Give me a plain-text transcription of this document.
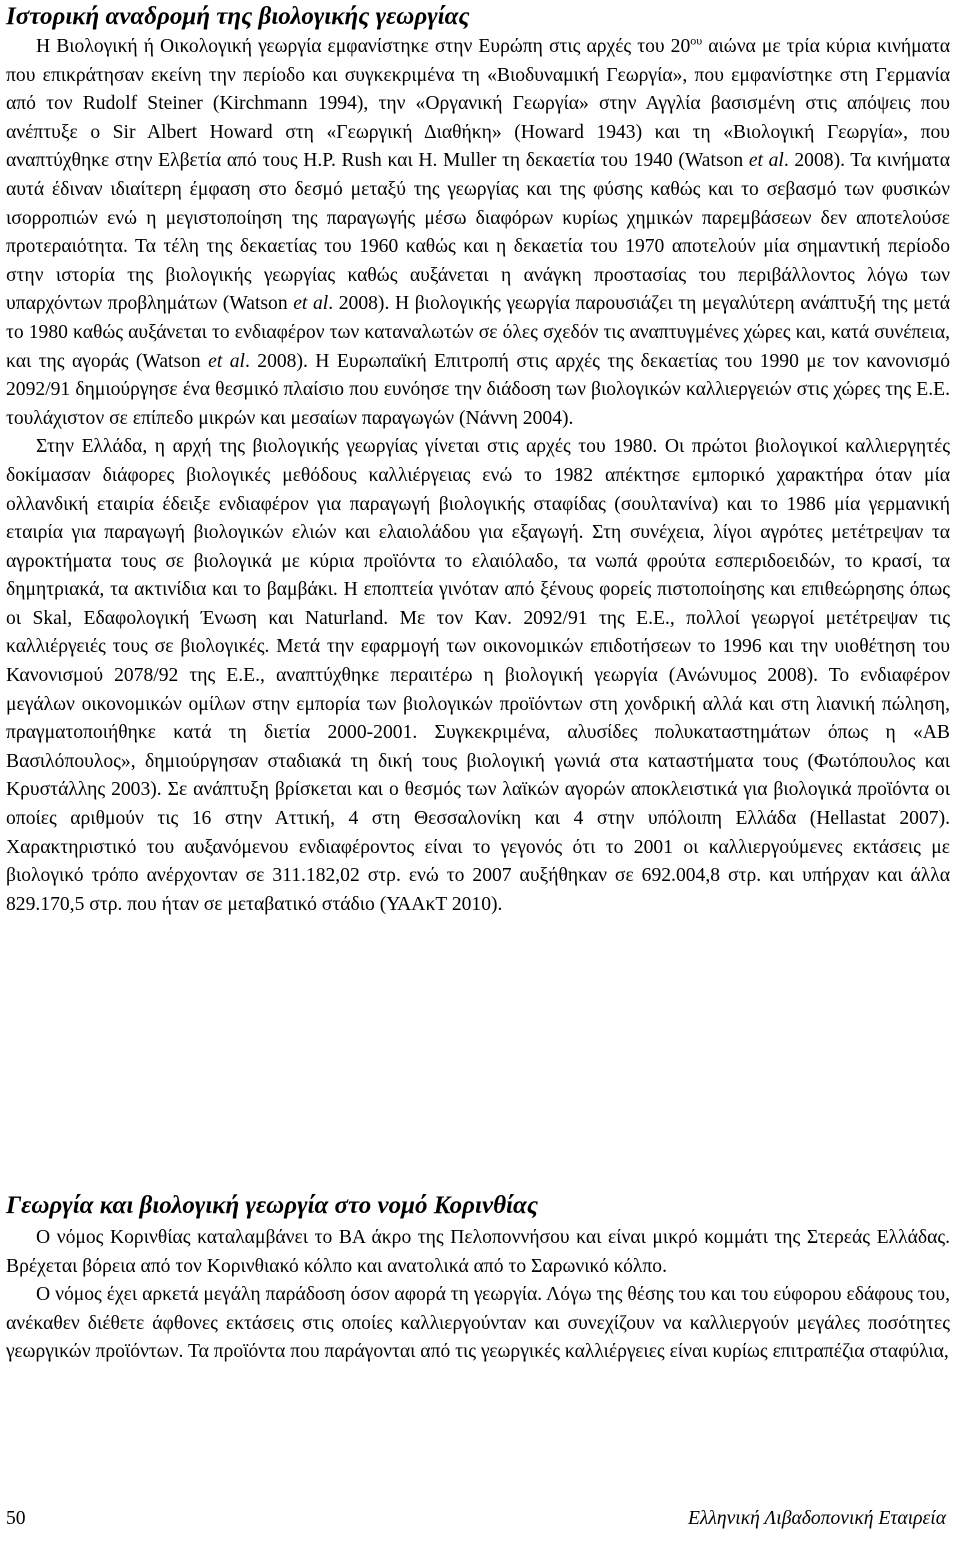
Ιστορική αναδρομή της βιολογικής γεωργίας

Η Βιολογική ή Οικολογική γεωργία εμφανίστηκε στην Ευρώπη στις αρχές του $20^{o\upsilon}$ αιώνα με τρία κύρια κινήματα που επικράτησαν εκείνη την περίοδο και συγκεκριμένα τη «Βιοδυναμική Γεωργία», που εμφανίστηκε στη Γερμανία από τον Rudolf Steiner (Kirchmann 1994), την «Οργανική Γεωργία» στην Αγγλία βασισμένη στις απόψεις που ανέπτυξε ο Sir Albert Howard στη «Γεωργική Διαθήκη» (Howard 1943) και τη «Βιολογική Γεωργία», που αναπτύχθηκε στην Ελβετία από τους H.P. Rush και H. Muller τη δεκαετία του 1940 (Watson et al. 2008). Τα κινήματα αυτά έδιναν ιδιαίτερη έμφαση στο δεσμό μεταξύ της γεωργίας και της φύσης καθώς και το σεβασμό των φυσικών ισορροπιών ενώ η μεγιστοποίηση της παραγωγής μέσω διαφόρων κυρίως χημικών παρεμβάσεων δεν αποτελούσε προτεραιότητα. Τα τέλη της δεκαετίας του 1960 καθώς και η δεκαετία του 1970 αποτελούν μία σημαντική περίοδο στην ιστορία της βιολογικής γεωργίας καθώς αυξάνεται η ανάγκη προστασίας του περιβάλλοντος λόγω των υπαρχόντων προβλημάτων (Watson et al. 2008). Η βιολογικής γεωργία παρουσιάζει τη μεγαλύτερη ανάπτυξή της μετά το 1980 καθώς αυξάνεται το ενδιαφέρον των καταναλωτών σε όλες σχεδόν τις αναπτυγμένες χώρες και, κατά συνέπεια, και της αγοράς (Watson et al. 2008). Η Ευρωπαϊκή Επιτροπή στις αρχές της δεκαετίας του 1990 με τον κανονισμό 2092/91 δημιούργησε ένα θεσμικό πλαίσιο που ευνόησε την διάδοση των βιολογικών καλλιεργειών στις χώρες της Ε.Ε. τουλάχιστον σε επίπεδο μικρών και μεσαίων παραγωγών (Νάννη 2004).

Στην Ελλάδα, η αρχή της βιολογικής γεωργίας γίνεται στις αρχές του 1980. Οι πρώτοι βιολογικοί καλλιεργητές δοκίμασαν διάφορες βιολογικές μεθόδους καλλιέργειας ενώ το 1982 απέκτησε εμπορικό χαρακτήρα όταν μία ολλανδική εταιρία έδειξε ενδιαφέρον για παραγωγή βιολογικής σταφίδας (σουλτανίνα) και το 1986 μία γερμανική εταιρία για παραγωγή βιολογικών ελιών και ελαιολάδου για εξαγωγή. Στη συνέχεια, λίγοι αγρότες μετέτρεψαν τα αγροκτήματα τους σε βιολογικά με κύρια προϊόντα το ελαιόλαδο, τα νωπά φρούτα εσπεριδοειδών, το κρασί, τα δημητριακά, τα ακτινίδια και το βαμβάκι. Η εποπτεία γινόταν από ξένους φορείς πιστοποίησης και επιθεώρησης όπως οι Skal, Εδαφολογική Ένωση και Naturland. Με τον Καν. 2092/91 της Ε.Ε., πολλοί γεωργοί μετέτρεψαν τις καλλιέργειές τους σε βιολογικές. Μετά την εφαρμογή των οικονομικών επιδοτήσεων το 1996 και την υιοθέτηση του Κανονισμού 2078/92 της Ε.Ε., αναπτύχθηκε περαιτέρω η βιολογική γεωργία (Ανώνυμος 2008). Το ενδιαφέρον μεγάλων οικονομικών ομίλων στην εμπορία των βιολογικών προϊόντων στη χονδρική αλλά και στη λιανική πώληση, πραγματοποιήθηκε κατά τη διετία 2000-2001. Συγκεκριμένα, αλυσίδες πολυκαταστημάτων όπως η «ΑΒ Βασιλόπουλος», δημιούργησαν σταδιακά τη δική τους βιολογική γωνιά στα καταστήματα τους (Φωτόπουλος και Κρυστάλλης 2003). Σε ανάπτυξη βρίσκεται και ο θεσμός των λαϊκών αγορών αποκλειστικά για βιολογικά προϊόντα οι οποίες αριθμούν τις 16 στην Αττική, 4 στη Θεσσαλονίκη και 4 στην υπόλοιπη Ελλάδα (Hellastat 2007). Χαρακτηριστικό του αυξανόμενου ενδιαφέροντος είναι το γεγονός ότι το 2001 οι καλλιεργούμενες εκτάσεις με βιολογικό τρόπο ανέρχονταν σε 311.182,02 στρ. ενώ το 2007 αυξήθηκαν σε 692.004,8 στρ. και υπήρχαν και άλλα 829.170,5 στρ. που ήταν σε μεταβατικό στάδιο (ΥΑΑκΤ 2010).

Γεωργία και βιολογική γεωργία στο νομό Κορινθίας

Ο νόμος Κορινθίας καταλαμβάνει το ΒΑ άκρο της Πελοποννήσου και είναι μικρό κομμάτι της Στερεάς Ελλάδας. Βρέχεται βόρεια από τον Κορινθιακό κόλπο και ανατολικά από το Σαρωνικό κόλπο.

Ο νόμος έχει αρκετά μεγάλη παράδοση όσον αφορά τη γεωργία. Λόγω της θέσης του και του εύφορου εδάφους του, ανέκαθεν διέθετε άφθονες εκτάσεις στις οποίες καλλιεργούνταν και συνεχίζουν να καλλιεργούν μεγάλες ποσότητες γεωργικών προϊόντων. Τα προϊόντα που παράγονται από τις γεωργικές καλλιέργειες είναι κυρίως επιτραπέζια σταφύλια,

50	Ελληνική Λιβαδοπονική Εταιρεία
